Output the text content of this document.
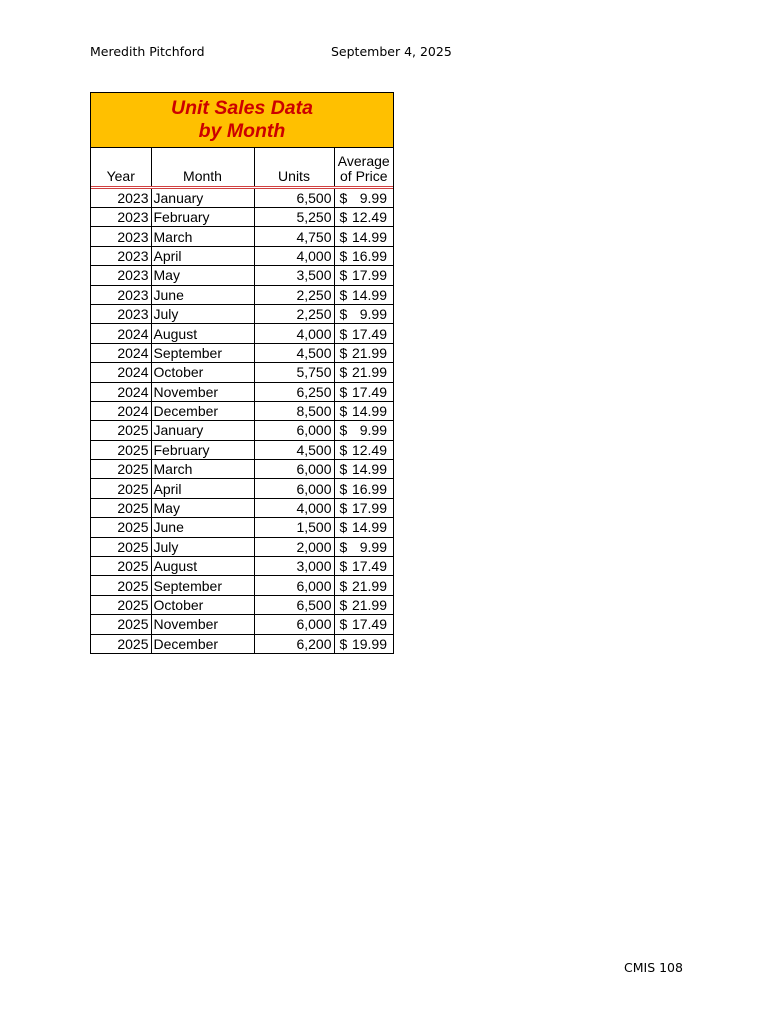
Meredith Pitchford	September 4, 2025
Unit Sales Data
by Month
Year	Month	Units	Average
of Price

2023	January	6,500	$ 9.99

2023	February	5,250	$ 12.49

2023	March	4,750	$ 14.99

2023	April	4,000	$ 16.99

2023	May	3,500	$ 17.99

2023	June	2,250	$ 14.99

2023	July	2,250	$ 9.99

2024	August	4,000	$ 17.49

2024	September	4,500	$ 21.99

2024	October	5,750	$ 21.99

2024	November	6,250	$ 17.49

2024	December	8,500	$ 14.99

2025	January	6,000	$ 9.99

2025	February	4,500	$ 12.49

2025	March	6,000	$ 14.99

2025	April	6,000	$ 16.99

2025	May	4,000	$ 17.99

2025	June	1,500	$ 14.99

2025	July	2,000	$ 9.99

2025	August	3,000	$ 17.49

2025	September	6,000	$ 21.99

2025	October	6,500	$ 21.99

2025	November	6,000	$ 17.49

2025	December	6,200	$ 19.99
CMIS 108
